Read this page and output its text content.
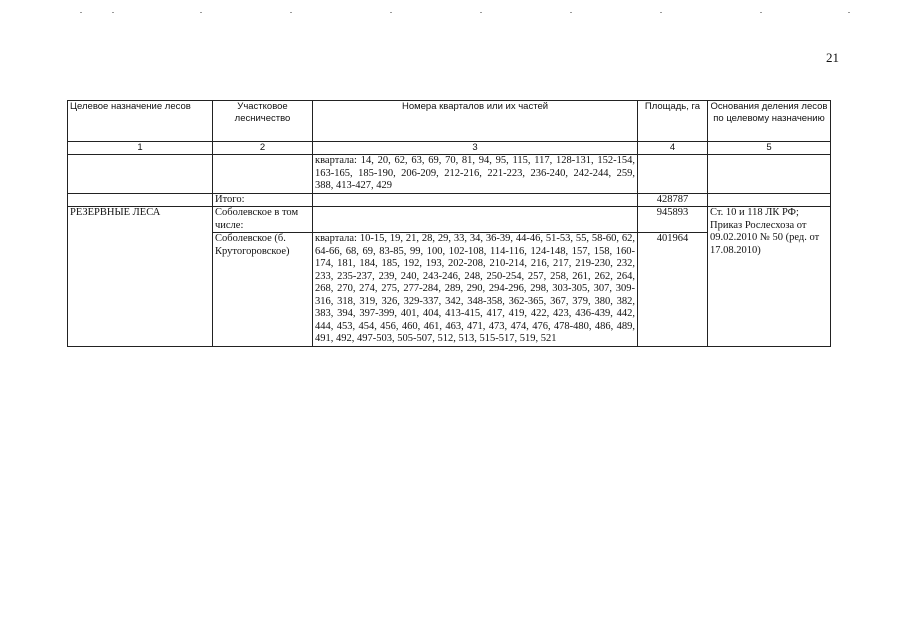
21
Целевое назначение лесов	Участковое лесничество	Номера кварталов или их частей	Площадь, га	Основания деления лесов по целевому назначению
1	2	3	4	5
		квартала: 14, 20, 62, 63, 69, 70, 81, 94, 95, 115, 117, 128-131, 152-154, 163-165, 185-190, 206-209, 212-216, 221-223, 236-240, 242-244, 259, 388, 413-427, 429		
	Итого:		428787	
РЕЗЕРВНЫЕ ЛЕСА	Соболевское в том числе:		945893	Ст. 10 и 118 ЛК РФ; Приказ Рослесхоза от 09.02.2010 № 50 (ред. от 17.08.2010)
	Соболевское (б. Крутогоровское)	квартала: 10-15, 19, 21, 28, 29, 33, 34, 36-39, 44-46, 51-53, 55, 58-60, 62, 64-66, 68, 69, 83-85, 99, 100, 102-108, 114-116, 124-148, 157, 158, 160-174, 181, 184, 185, 192, 193, 202-208, 210-214, 216, 217, 219-230, 232, 233, 235-237, 239, 240, 243-246, 248, 250-254, 257, 258, 261, 262, 264, 268, 270, 274, 275, 277-284, 289, 290, 294-296, 298, 303-305, 307, 309-316, 318, 319, 326, 329-337, 342, 348-358, 362-365, 367, 379, 380, 382, 383, 394, 397-399, 401, 404, 413-415, 417, 419, 422, 423, 436-439, 442, 444, 453, 454, 456, 460, 461, 463, 471, 473, 474, 476, 478-480, 486, 489, 491, 492, 497-503, 505-507, 512, 513, 515-517, 519, 521	401964	
